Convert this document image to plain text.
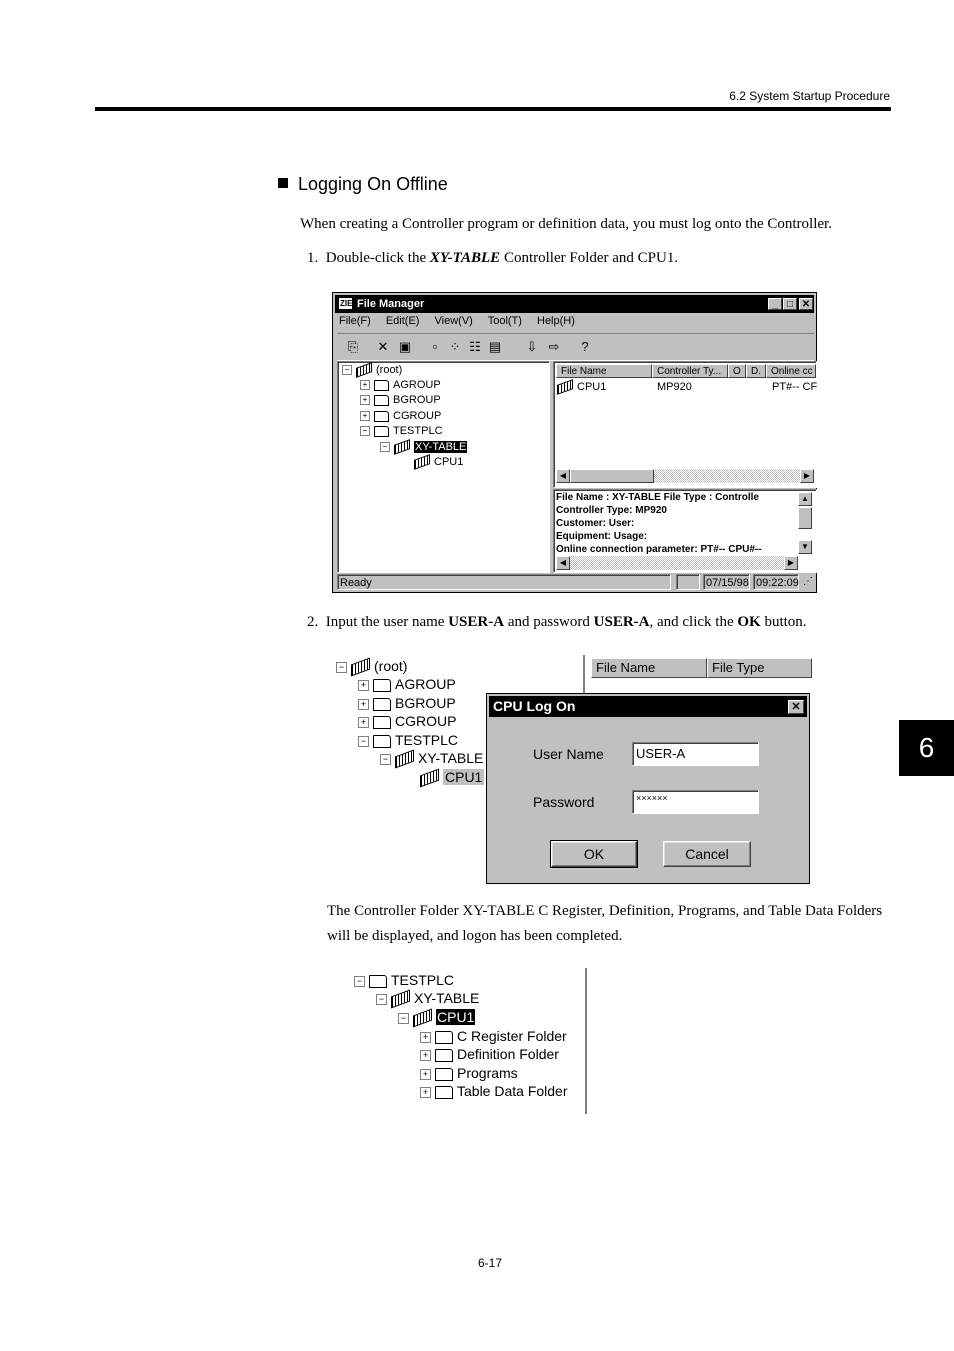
6.2 System Startup Procedure
6
Logging On Offline
When creating a Controller program or definition data, you must log onto the Controller.
1. Double-click the XY-TABLE Controller Folder and CPU1.
ZIE File Manager	_ □ ✕
File(F) Edit(E) View(V) Tool(T) Help(H)
⎘	✕ ▣	▫ ⁘ ☷ ▤	⇩ ⇨	?
− (root)
+ AGROUP
+ BGROUP
+ CGROUP
− TESTPLC
−	XY-TABLE
CPU1
File Name	Controller Ty...	O	D.	Online cc
CPU1	MP920	PT#-- CF
◀	▶
File Name : XY-TABLE File Type : Controlle
Controller Type: MP920
Customer: User:
Equipment: Usage:
Online connection parameter: PT#-- CPU#--
▲
▼
◀	▶
Ready	07/15/98 09:22:09 ⋰
2. Input the user name USER-A and password USER-A, and click the OK button.
− (root)
+ AGROUP
+ BGROUP
+ CGROUP
− TESTPLC
− XY-TABLE
CPU1
File Name	File Type
CPU Log On	✕
User Name	USER-A
Password	××××××
OK	Cancel
The Controller Folder XY-TABLE C Register, Definition, Programs, and Table Data Folders will be displayed, and logon has been completed.
− TESTPLC
− XY-TABLE
− CPU1
+ C Register Folder
+ Definition Folder
+ Programs
+ Table Data Folder
6-17
